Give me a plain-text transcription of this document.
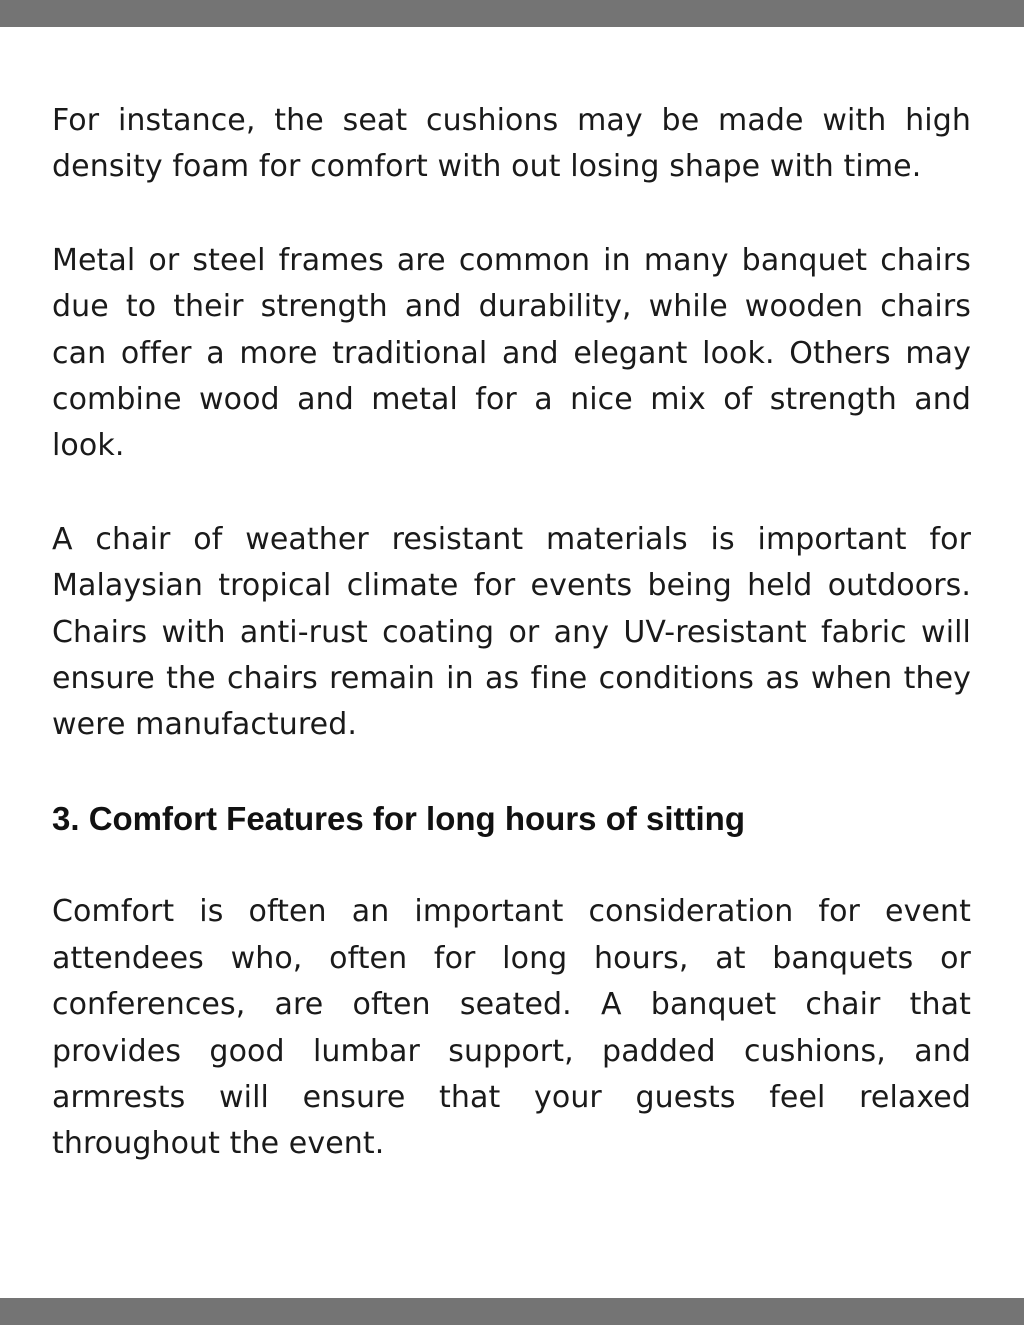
For instance, the seat cushions may be made with high density foam for comfort with out losing shape with time.

Metal or steel frames are common in many banquet chairs due to their strength and durability, while wooden chairs can offer a more traditional and elegant look. Others may combine wood and metal for a nice mix of strength and look.

A chair of weather resistant materials is important for Malaysian tropical climate for events being held outdoors. Chairs with anti-rust coating or any UV-resistant fabric will ensure the chairs remain in as fine conditions as when they were manufactured.

3. Comfort Features for long hours of sitting

Comfort is often an important consideration for event attendees who, often for long hours, at banquets or conferences, are often seated. A banquet chair that provides good lumbar support, padded cushions, and armrests will ensure that your guests feel relaxed throughout the event.
